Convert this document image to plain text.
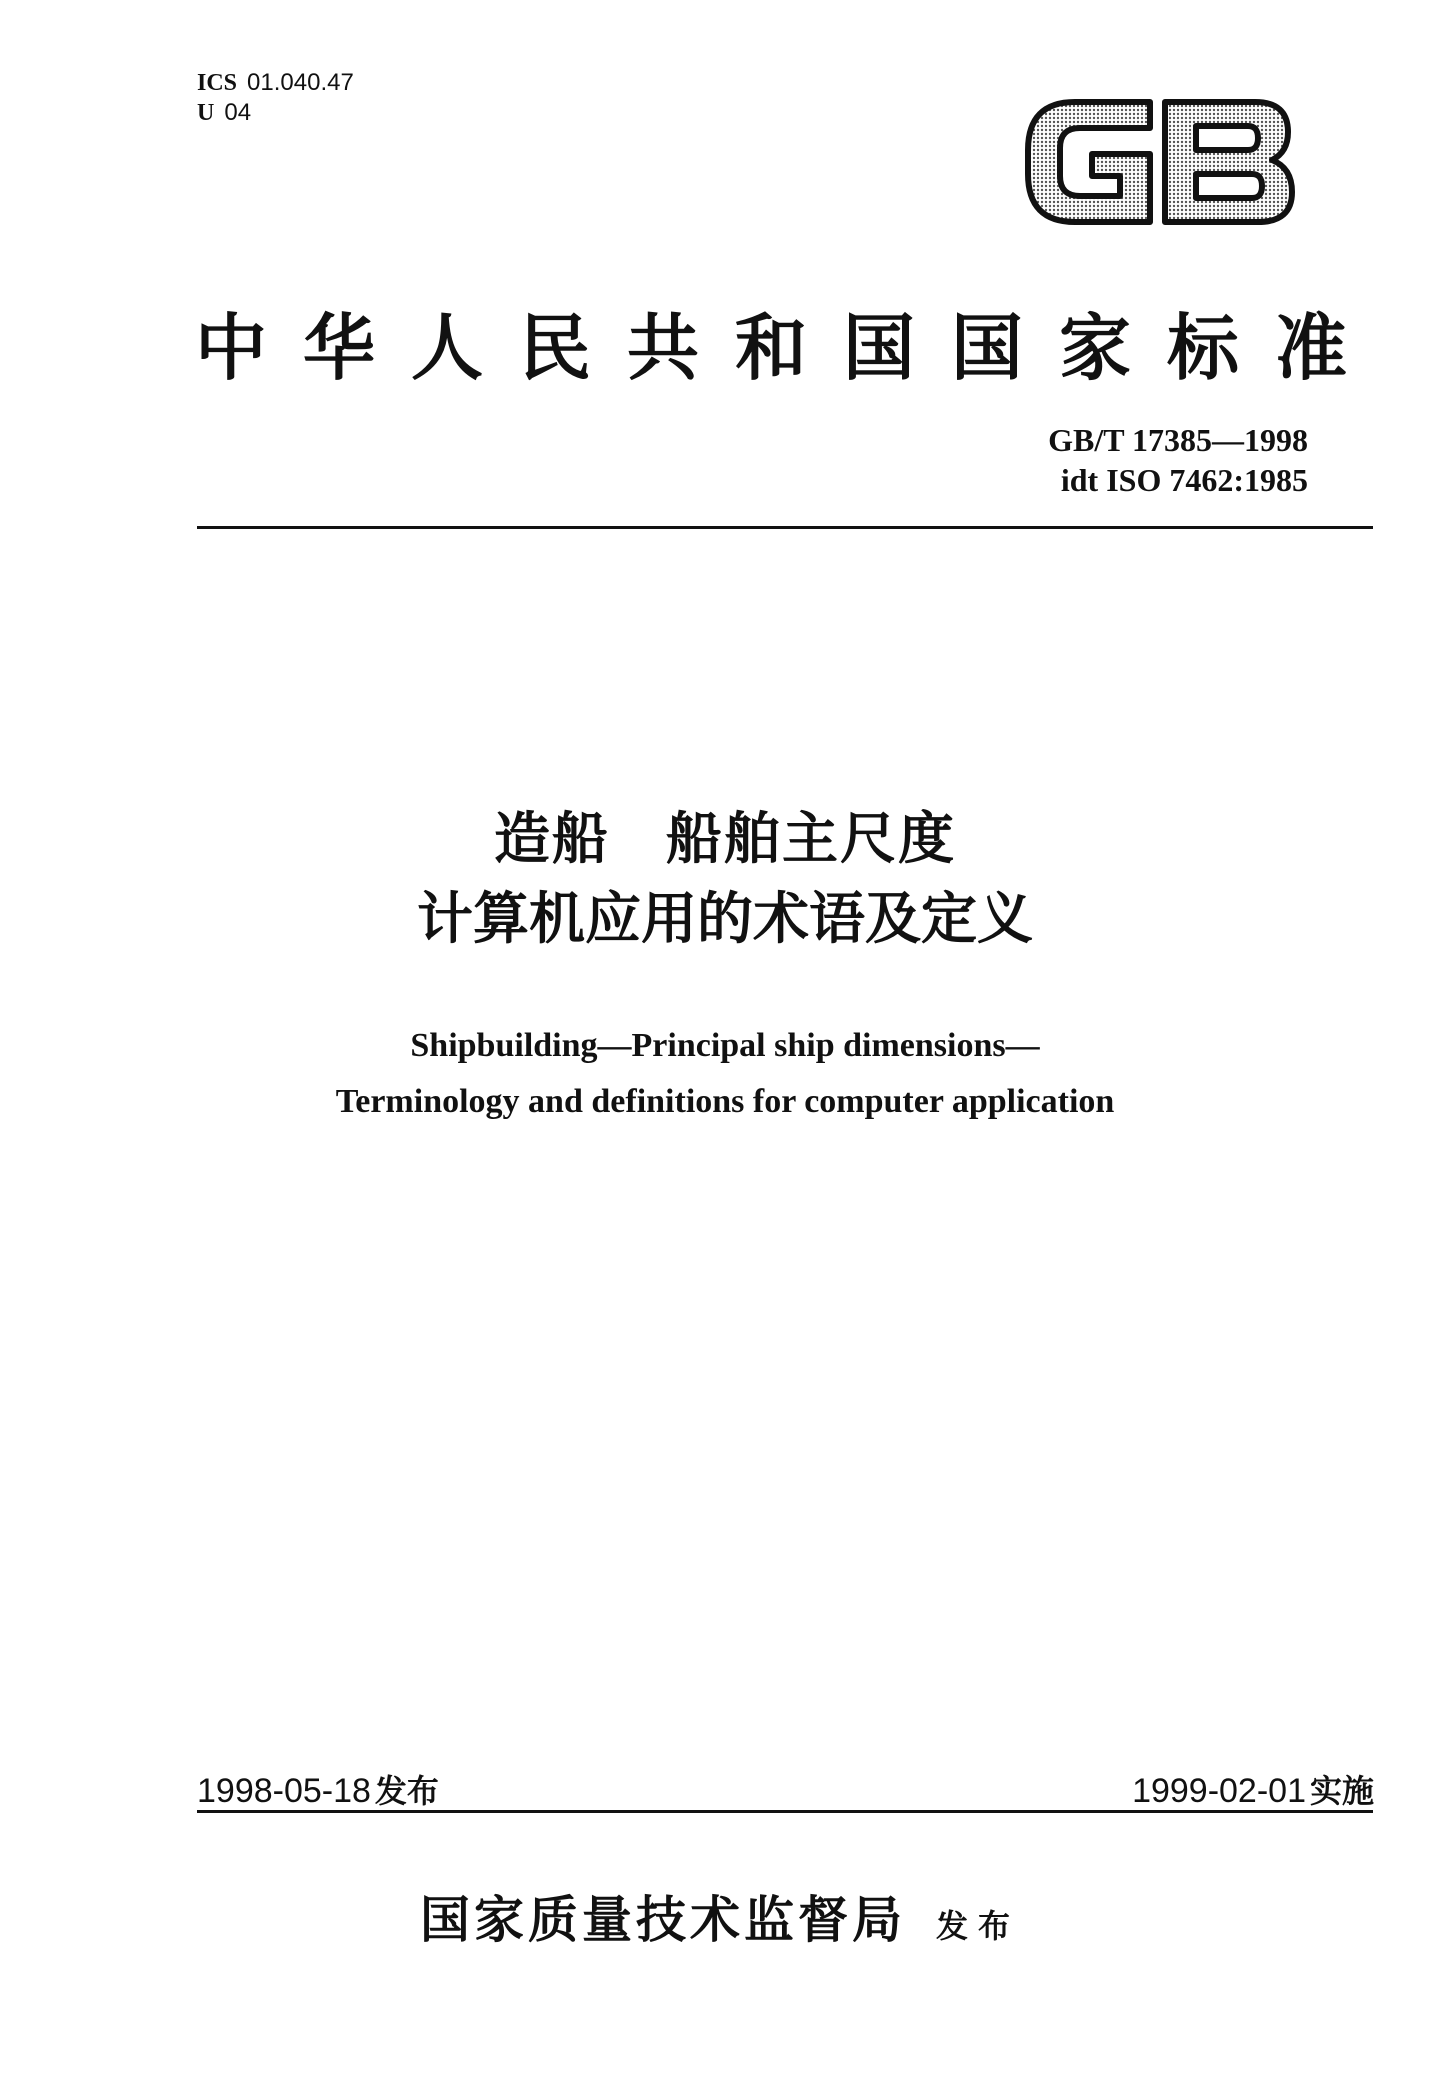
ICS 01.040.47
U 04
GB
中华人民共和国国家标准
GB/T 17385—1998
idt ISO 7462:1985
造船 船舶主尺度
计算机应用的术语及定义
Shipbuilding—Principal ship dimensions—
Terminology and definitions for computer application
1998-05-18 发布	1999-02-01 实施
国家质量技术监督局 发布
